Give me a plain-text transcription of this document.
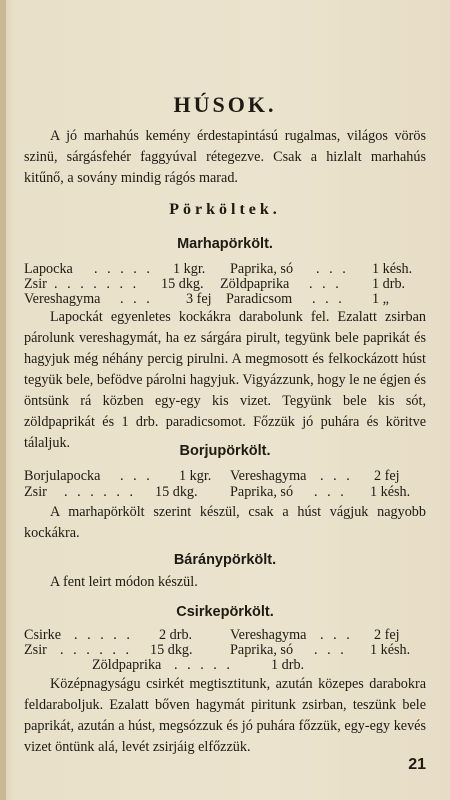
HÚSOK.

A jó marhahús kemény érdestapintású rugalmas, világos vörös szinü, sárgásfehér faggyúval rétegezve. Csak a hizlalt marhahús kitűnő, a sovány mindig rágós marad.

Pörköltek.
Marhapörkölt.
Lapocka . . . . . 1 kgr. Paprika, só . . . 1 késh.
Zsir . . . . . . . 15 dkg. Zöldpaprika . . . 1 drb.
Vereshagyma . . . 3 fej Paradicsom . . . 1 „

Lapockát egyenletes kockákra darabolunk fel. Ezalatt zsirban párolunk vereshagymát, ha ez sárgára pirult, tegyünk bele paprikát és hagyjuk még néhány percig pirulni. A megmosott és felkockázott húst tegyük bele, befödve párolni hagyjuk. Vigyázzunk, hogy le ne égjen és öntsünk rá közben egy-egy kis vizet. Tegyünk bele kis sót, zöldpaprikát és 1 drb. paradicsomot. Főzzük jó puhára és köritve tálaljuk.	Borjupörkölt.
Borjulapocka . . . 1 kgr. Vereshagyma . . . 2 fej
Zsir . . . . . . 15 dkg. Paprika, só . . . 1 késh.

A marhapörkölt szerint készül, csak a húst vágjuk nagyobb kockákra.

Báránypörkölt.

A fent leirt módon készül.

Csirkepörkölt.
Csirke . . . . . 2 drb.	Vereshagyma . . . 2 fej
Zsir . . . . . . 15 dkg.	Paprika, só . . . 1 késh.
Zöldpaprika . . . . .	1 drb.

Középnagyságu csirkét megtisztitunk, azután közepes darabokra feldaraboljuk. Ezalatt bőven hagymát piritunk zsirban, teszünk bele paprikát, azután a húst, megsózzuk és jó puhára főzzük, egy-egy kevés vizet öntünk alá, levét zsirjáig elfőzzük.

21
